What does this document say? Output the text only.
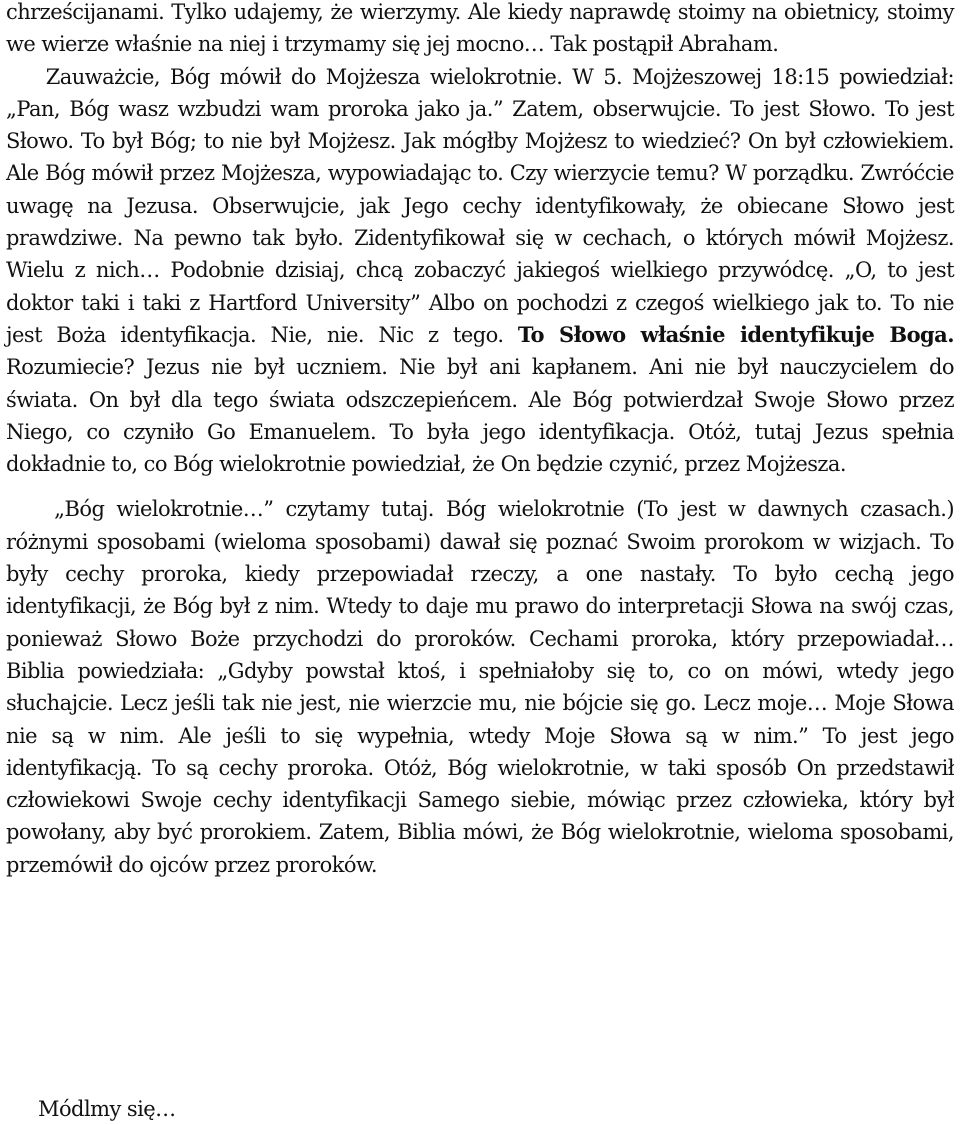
chrześcijanami. Tylko udajemy, że wierzymy. Ale kiedy naprawdę stoimy na obietnicy, stoimy we wierze właśnie na niej i trzymamy się jej mocno… Tak postąpił Abraham.

Zauważcie, Bóg mówił do Mojżesza wielokrotnie. W 5. Mojżeszowej 18:15 powiedział: „Pan, Bóg wasz wzbudzi wam proroka jako ja.” Zatem, obserwujcie. To jest Słowo. To jest Słowo. To był Bóg; to nie był Mojżesz. Jak mógłby Mojżesz to wiedzieć? On był człowiekiem. Ale Bóg mówił przez Mojżesza, wypowiadając to. Czy wierzycie temu? W porządku. Zwróćcie uwagę na Jezusa. Obserwujcie, jak Jego cechy identyfikowały, że obiecane Słowo jest prawdziwe. Na pewno tak było. Zidentyfikował się w cechach, o których mówił Mojżesz. Wielu z nich… Podobnie dzisiaj, chcą zobaczyć jakiegoś wielkiego przywódcę. „O, to jest doktor taki i taki z Hartford University” Albo on pochodzi z czegoś wielkiego jak to. To nie jest Boża identyfikacja. Nie, nie. Nic z tego. To Słowo właśnie identyfikuje Boga. Rozumiecie? Jezus nie był uczniem. Nie był ani kapłanem. Ani nie był nauczycielem do świata. On był dla tego świata odszczepieńcem. Ale Bóg potwierdzał Swoje Słowo przez Niego, co czyniło Go Emanuelem. To była jego identyfikacja. Otóż, tutaj Jezus spełnia dokładnie to, co Bóg wielokrotnie powiedział, że On będzie czynić, przez Mojżesza.

„Bóg wielokrotnie…” czytamy tutaj. Bóg wielokrotnie (To jest w dawnych czasach.) różnymi sposobami (wieloma sposobami) dawał się poznać Swoim prorokom w wizjach. To były cechy proroka, kiedy przepowiadał rzeczy, a one nastały. To było cechą jego identyfikacji, że Bóg był z nim. Wtedy to daje mu prawo do interpretacji Słowa na swój czas, ponieważ Słowo Boże przychodzi do proroków. Cechami proroka, który przepowiadał… Biblia powiedziała: „Gdyby powstał ktoś, i spełniałoby się to, co on mówi, wtedy jego słuchajcie. Lecz jeśli tak nie jest, nie wierzcie mu, nie bójcie się go. Lecz moje… Moje Słowa nie są w nim. Ale jeśli to się wypełnia, wtedy Moje Słowa są w nim.” To jest jego identyfikacją. To są cechy proroka. Otóż, Bóg wielokrotnie, w taki sposób On przedstawił człowiekowi Swoje cechy identyfikacji Samego siebie, mówiąc przez człowieka, który był powołany, aby być prorokiem. Zatem, Biblia mówi, że Bóg wielokrotnie, wieloma sposobami, przemówił do ojców przez proroków.

Módlmy się…
